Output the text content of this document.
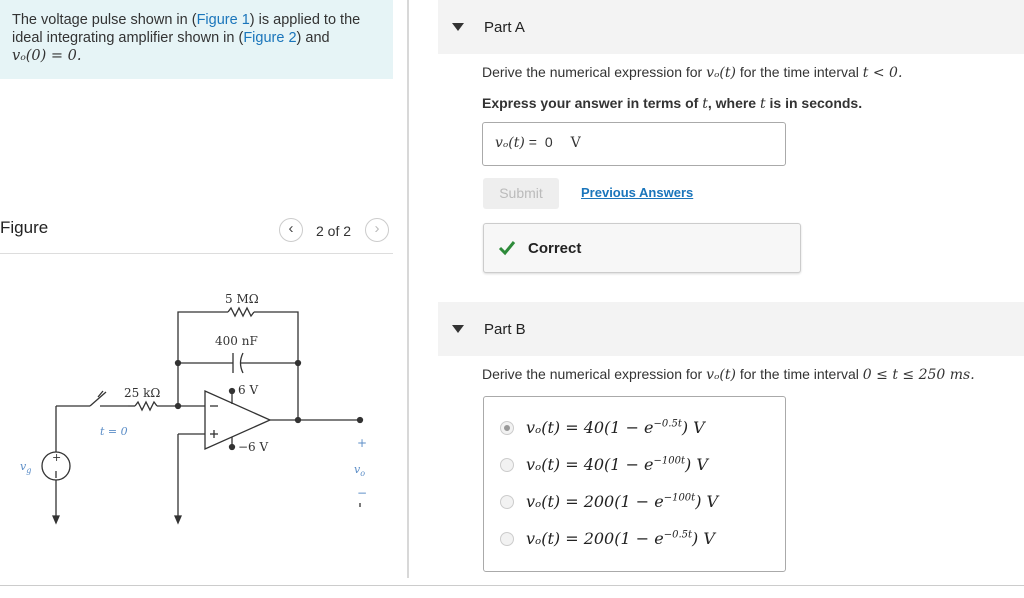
The voltage pulse shown in (Figure 1) is applied to the ideal integrating amplifier shown in (Figure 2) and
vₒ(0) = 0.
Figure	‹	2 of 2	›
5 MΩ
400 nF
6 V
−6 V
25 kΩ
t = 0
+
$v_g$
+
$v_o$
−
Part A
Derive the numerical expression for vₒ(t) for the time interval t < 0.
Express your answer in terms of t, where t is in seconds.
vₒ(t) = 0 V
Submit	Previous Answers
Correct
Part B
Derive the numerical expression for vₒ(t) for the time interval 0 ≤ t ≤ 250 ms.
$v_o(t) = 40(1 - e^{-0.5t})$ V
$v_o(t) = 40(1 - e^{-100t})$ V
$v_o(t) = 200(1 - e^{-100t})$ V
$v_o(t) = 200(1 - e^{-0.5t})$ V
